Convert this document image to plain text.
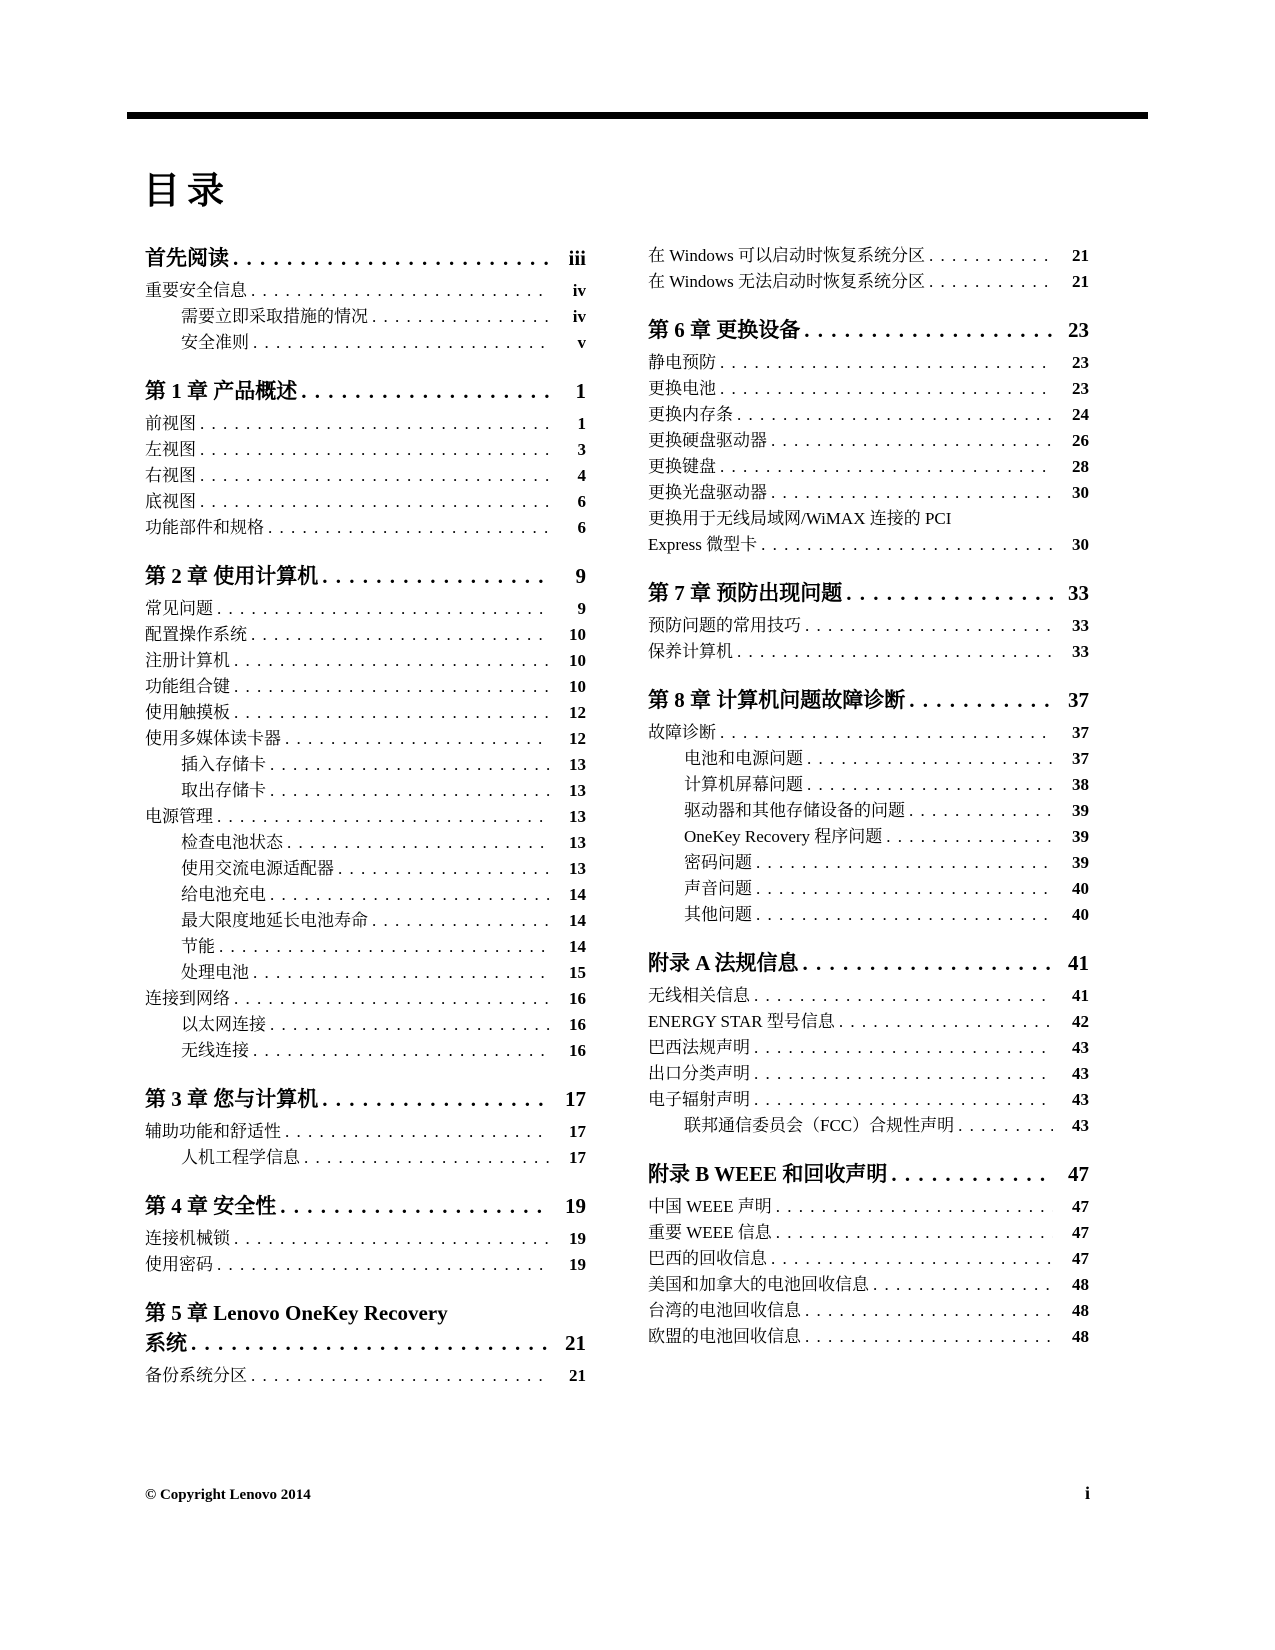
目录
首先阅读 . . .	iii
重要安全信息 . . .	iv
需要立即采取措施的情况 . . .	iv
安全准则 . . .	v
第 1 章 产品概述 . . .	1
前视图 . . .	1
左视图 . . .	3
右视图 . . .	4
底视图 . . .	6
功能部件和规格 . . .	6
第 2 章 使用计算机 . . .	9
常见问题 . . .	9
配置操作系统 . . .	10
注册计算机 . . .	10
功能组合键 . . .	10
使用触摸板 . . .	12
使用多媒体读卡器 . . .	12
插入存储卡 . . .	13
取出存储卡 . . .	13
电源管理 . . .	13
检查电池状态 . . .	13
使用交流电源适配器 . . .	13
给电池充电 . . .	14
最大限度地延长电池寿命 . . .	14
节能 . . .	14
处理电池 . . .	15
连接到网络 . . .	16
以太网连接 . . .	16
无线连接 . . .	16
第 3 章 您与计算机 . . .	17
辅助功能和舒适性 . . .	17
人机工程学信息 . . .	17
第 4 章 安全性 . . .	19
连接机械锁 . . .	19
使用密码 . . .	19
第 5 章 Lenovo OneKey Recovery
系统 . . .	21
备份系统分区 . . .	21
在 Windows 可以启动时恢复系统分区 . . .	21
在 Windows 无法启动时恢复系统分区 . . .	21
第 6 章 更换设备 . . .	23
静电预防 . . .	23
更换电池 . . .	23
更换内存条 . . .	24
更换硬盘驱动器 . . .	26
更换键盘 . . .	28
更换光盘驱动器 . . .	30
更换用于无线局域网/WiMAX 连接的 PCI
Express 微型卡 . . .	30
第 7 章 预防出现问题 . . .	33
预防问题的常用技巧 . . .	33
保养计算机 . . .	33
第 8 章 计算机问题故障诊断 . . .	37
故障诊断 . . .	37
电池和电源问题 . . .	37
计算机屏幕问题 . . .	38
驱动器和其他存储设备的问题 . . .	39
OneKey Recovery 程序问题 . . .	39
密码问题 . . .	39
声音问题 . . .	40
其他问题 . . .	40
附录 A 法规信息 . . .	41
无线相关信息 . . .	41
ENERGY STAR 型号信息 . . .	42
巴西法规声明 . . .	43
出口分类声明 . . .	43
电子辐射声明 . . .	43
联邦通信委员会（FCC）合规性声明 . . .	43
附录 B WEEE 和回收声明 . . .	47
中国 WEEE 声明 . . .	47
重要 WEEE 信息 . . .	47
巴西的回收信息 . . .	47
美国和加拿大的电池回收信息 . . .	48
台湾的电池回收信息 . . .	48
欧盟的电池回收信息 . . .	48
© Copyright Lenovo 2014	i
